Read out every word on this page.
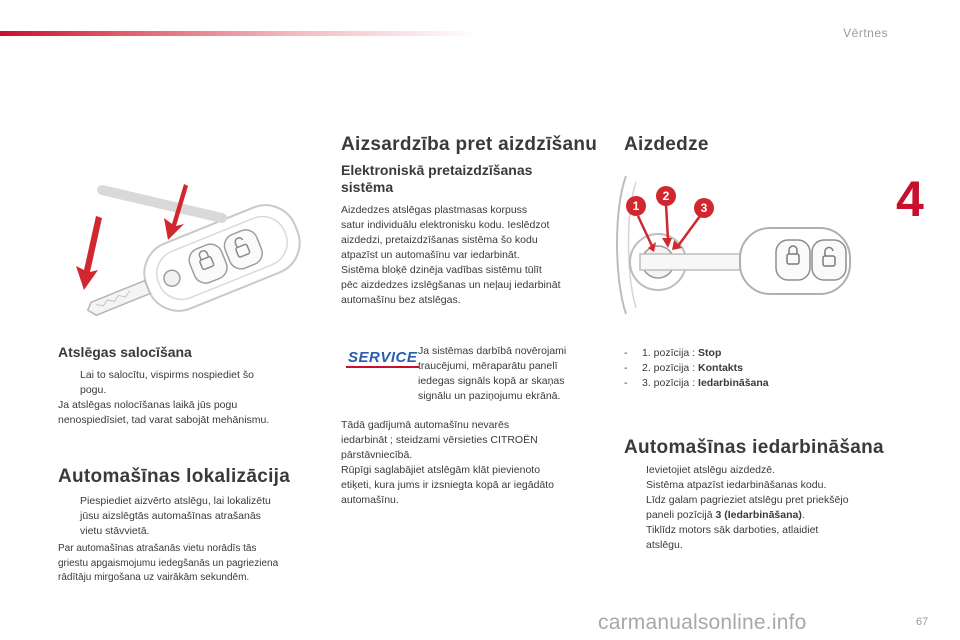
Vērtnes
4
Atslēgas salocīšana
Lai to salocītu, vispirms nospiediet šo
pogu.
Ja atslēgas nolocīšanas laikā jūs pogu
nenospiedīsiet, tad varat sabojāt mehānismu.
Automašīnas lokalizācija
Piespiediet aizvērto atslēgu, lai lokalizētu
jūsu aizslēgtās automašīnas atrašanās
vietu stāvvietā.
Par automašīnas atrašanās vietu norādīs tās
griestu apgaismojumu iedegšanās un pagrieziena
rādītāju mirgošana uz vairākām sekundēm.
Aizsardzība pret aizdzīšanu
Elektroniskā pretaizdzīšanas
sistēma
Aizdedzes atslēgas plastmasas korpuss
satur individuālu elektronisku kodu. Ieslēdzot
aizdedzi, pretaizdzīšanas sistēma šo kodu
atpazīst un automašīnu var iedarbināt.
Sistēma bloķē dzinēja vadības sistēmu tūlīt
pēc aizdedzes izslēgšanas un neļauj iedarbināt
automašīnu bez atslēgas.
SERVICE Ja sistēmas darbībā novērojami
traucējumi, mēraparātu panelī
iedegas signāls kopā ar skaņas
signālu un paziņojumu ekrānā.
Tādā gadījumā automašīnu nevarēs
iedarbināt ; steidzami vērsieties CITROËN
pārstāvniecībā.
Rūpīgi saglabājiet atslēgām klāt pievienoto
etiķeti, kura jums ir izsniegta kopā ar iegādāto
automašīnu.
Aizdedze
1
2
3
- 1. pozīcija : Stop
- 2. pozīcija : Kontakts
- 3. pozīcija : Iedarbināšana
Automašīnas iedarbināšana
Ievietojiet atslēgu aizdedzē.
Sistēma atpazīst iedarbināšanas kodu.
Līdz galam pagrieziet atslēgu pret priekšējo
paneli pozīcijā 3 (Iedarbināšana).
Tiklīdz motors sāk darboties, atlaidiet
atslēgu.
carmanualsonline.info	67
